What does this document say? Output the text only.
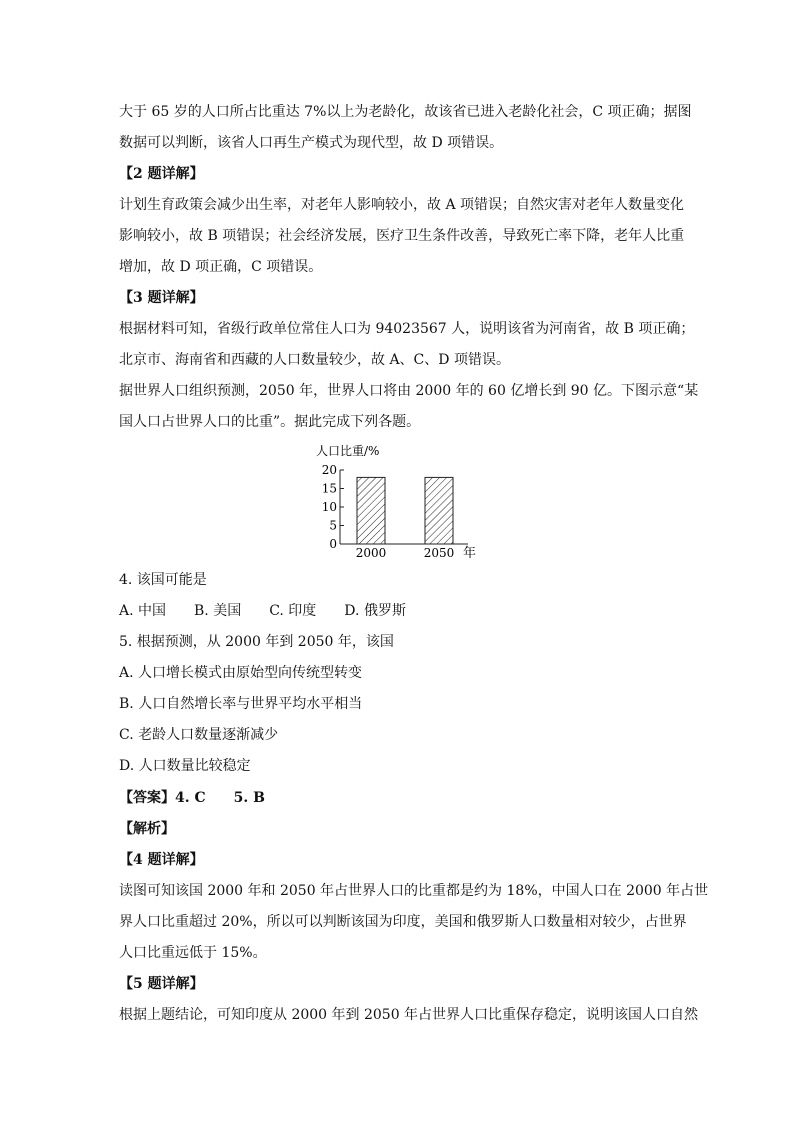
大于 65 岁的人口所占比重达 7%以上为老龄化，故该省已进入老龄化社会，C 项正确；据图
数据可以判断，该省人口再生产模式为现代型，故 D 项错误。
【2 题详解】
计划生育政策会减少出生率，对老年人影响较小，故 A 项错误；自然灾害对老年人数量变化
影响较小，故 B 项错误；社会经济发展，医疗卫生条件改善，导致死亡率下降，老年人比重
增加，故 D 项正确，C 项错误。
【3 题详解】
根据材料可知，省级行政单位常住人口为 94023567 人，说明该省为河南省，故 B 项正确；
北京市、海南省和西藏的人口数量较少，故 A、C、D 项错误。
据世界人口组织预测，2050 年，世界人口将由 2000 年的 60 亿增长到 90 亿。下图示意“某
国人口占世界人口的比重”。据此完成下列各题。
人口比重/%
0
5
10
15
20
2000	2050 年
4. 该国可能是
A. 中国　　B. 美国　　C. 印度　　D. 俄罗斯
5. 根据预测，从 2000 年到 2050 年，该国
A. 人口增长模式由原始型向传统型转变
B. 人口自然增长率与世界平均水平相当
C. 老龄人口数量逐渐减少
D. 人口数量比较稳定
【答案】4. C　　5. B
【解析】
【4 题详解】
读图可知该国 2000 年和 2050 年占世界人口的比重都是约为 18%，中国人口在 2000 年占世
界人口比重超过 20%，所以可以判断该国为印度，美国和俄罗斯人口数量相对较少，占世界
人口比重远低于 15%。
【5 题详解】
根据上题结论，可知印度从 2000 年到 2050 年占世界人口比重保存稳定，说明该国人口自然
